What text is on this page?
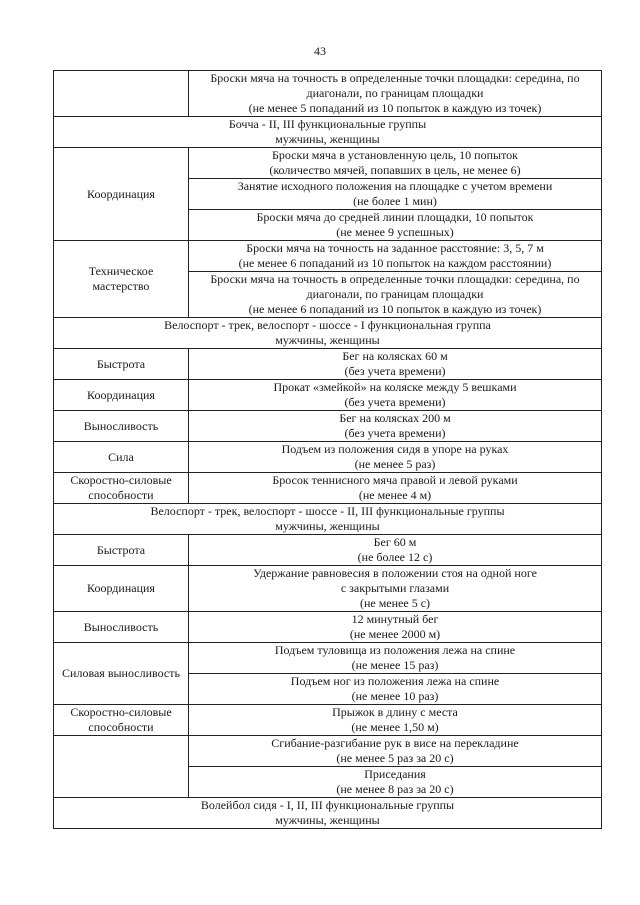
43

	Броски мяча на точность в определенные точки площадки: середина, по
диагонали, по границам площадки
(не менее 5 попаданий из 10 попыток в каждую из точек)

Бочча - II, III функциональные группы
мужчины, женщины	

Координация	Броски мяча в установленную цель, 10 попыток
(количество мячей, попавших в цель, не менее 6)

	Занятие исходного положения на площадке с учетом времени
(не более 1 мин)

	Броски мяча до средней линии площадки, 10 попыток
(не менее 9 успешных)

Техническое
мастерство	Броски мяча на точность на заданное расстояние: 3, 5, 7 м
(не менее 6 попаданий из 10 попыток на каждом расстоянии)

	Броски мяча на точность в определенные точки площадки: середина, по
диагонали, по границам площадки
(не менее 6 попаданий из 10 попыток в каждую из точек)

Велоспорт - трек, велоспорт - шоссе - I функциональная группа
мужчины, женщины	

Быстрота	Бег на колясках 60 м
(без учета времени)

Координация	Прокат «змейкой» на коляске между 5 вешками
(без учета времени)

Выносливость	Бег на колясках 200 м
(без учета времени)

Сила	Подъем из положения сидя в упоре на руках
(не менее 5 раз)

Скоростно-силовые
способности	Бросок теннисного мяча правой и левой руками
(не менее 4 м)

Велоспорт - трек, велоспорт - шоссе - II, III функциональные группы
мужчины, женщины	

Быстрота	Бег 60 м
(не более 12 с)

Координация	Удержание равновесия в положении стоя на одной ноге
с закрытыми глазами
(не менее 5 с)

Выносливость	12 минутный бег
(не менее 2000 м)

Силовая выносливость	Подъем туловища из положения лежа на спине
(не менее 15 раз)

	Подъем ног из положения лежа на спине
(не менее 10 раз)

Скоростно-силовые
способности	Прыжок в длину с места
(не менее 1,50 м)

	Сгибание-разгибание рук в висе на перекладине
(не менее 5 раз за 20 с)

	Приседания
(не менее 8 раз за 20 с)

Волейбол сидя - I, II, III функциональные группы
мужчины, женщины	
